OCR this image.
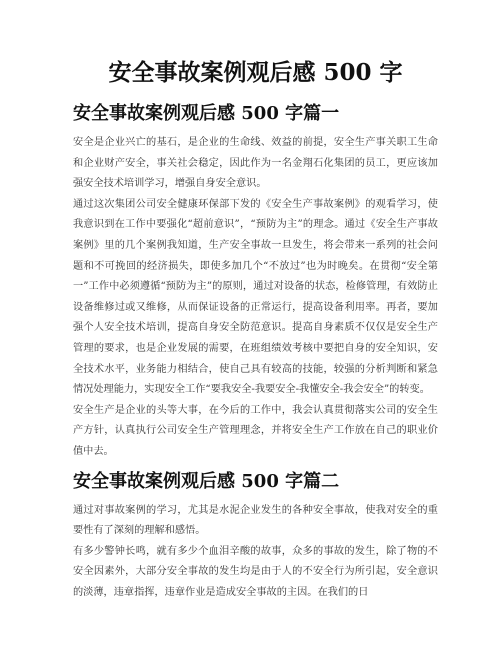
安全事故案例观后感 500 字
安全事故案例观后感 500 字篇一

安全是企业兴亡的基石，是企业的生命线、效益的前提，安全生产事关职工生命和企业财产安全，事关社会稳定，因此作为一名金翔石化集团的员工，更应该加强安全技术培训学习，增强自身安全意识。

通过这次集团公司安全健康环保部下发的《安全生产事故案例》的观看学习，使我意识到在工作中要强化“超前意识”，“预防为主”的理念。通过《安全生产事故案例》里的几个案例我知道，生产安全事故一旦发生，将会带来一系列的社会问题和不可挽回的经济损失，即使多加几个“不放过”也为时晚矣。在贯彻“安全第一”工作中必须遵循“预防为主”的原则，通过对设备的状态，检修管理，有效防止设备维修过或又维修，从而保证设备的正常运行，提高设备利用率。再者，要加强个人安全技术培训，提高自身安全防范意识。提高自身素质不仅仅是安全生产管理的要求，也是企业发展的需要，在班组绩效考核中要把自身的安全知识，安全技术水平，业务能力相结合，使自己具有较高的技能，较强的分析判断和紧急情况处理能力，实现安全工作“要我安全-我要安全-我懂安全-我会安全”的转变。

安全生产是企业的头等大事，在今后的工作中，我会认真贯彻落实公司的安全生产方针，认真执行公司安全生产管理理念，并将安全生产工作放在自己的职业价值中去。

安全事故案例观后感 500 字篇二

通过对事故案例的学习，尤其是水泥企业发生的各种安全事故，使我对安全的重要性有了深刻的理解和感悟。

有多少警钟长鸣，就有多少个血泪辛酸的故事，众多的事故的发生，除了物的不安全因素外，大部分安全事故的发生均是由于人的不安全行为所引起，安全意识的淡薄，违章指挥，违章作业是造成安全事故的主因。在我们的日
